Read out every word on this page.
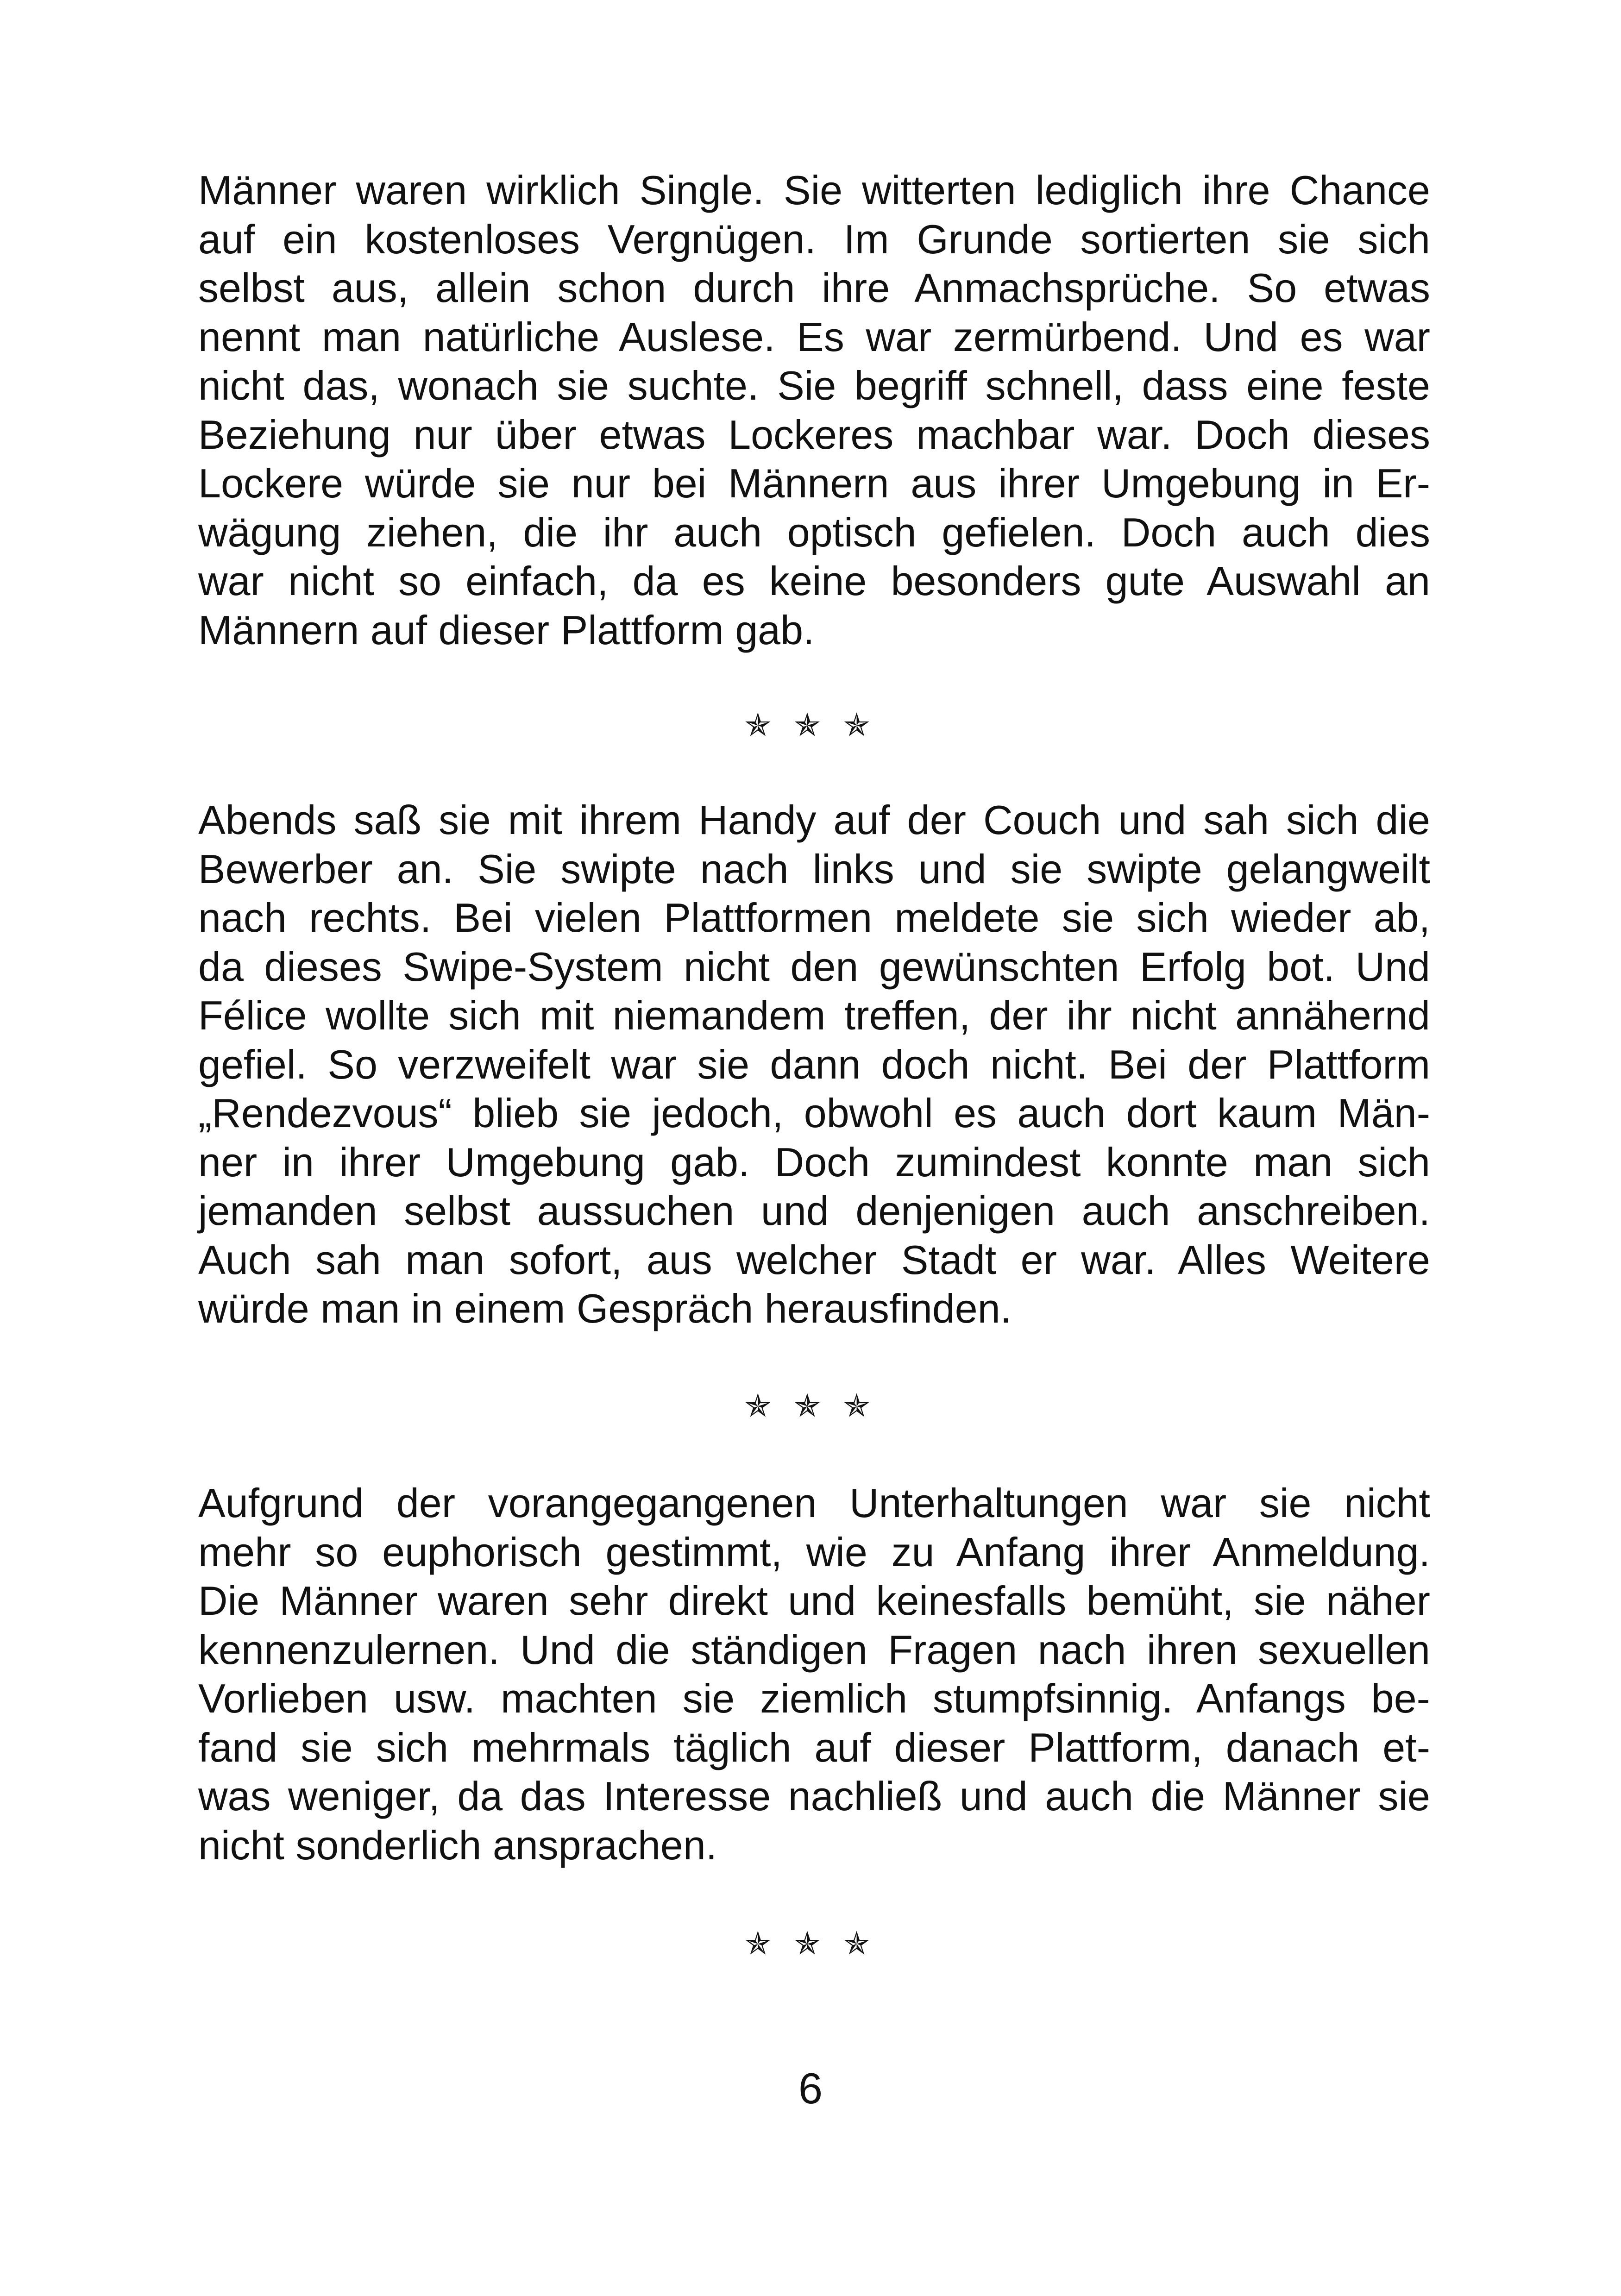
Männer waren wirklich Single. Sie witterten lediglich ihre Chance
auf ein kostenloses Vergnügen. Im Grunde sortierten sie sich
selbst aus, allein schon durch ihre Anmachsprüche. So etwas
nennt man natürliche Auslese. Es war zermürbend. Und es war
nicht das, wonach sie suchte. Sie begriff schnell, dass eine feste
Beziehung nur über etwas Lockeres machbar war. Doch dieses
Lockere würde sie nur bei Männern aus ihrer Umgebung in Er-
wägung ziehen, die ihr auch optisch gefielen. Doch auch dies
war nicht so einfach, da es keine besonders gute Auswahl an
Männern auf dieser Plattform gab.
✯ ✯ ✯
Abends saß sie mit ihrem Handy auf der Couch und sah sich die
Bewerber an. Sie swipte nach links und sie swipte gelangweilt
nach rechts. Bei vielen Plattformen meldete sie sich wieder ab,
da dieses Swipe-System nicht den gewünschten Erfolg bot. Und
Félice wollte sich mit niemandem treffen, der ihr nicht annähernd
gefiel. So verzweifelt war sie dann doch nicht. Bei der Plattform
„Rendezvous“ blieb sie jedoch, obwohl es auch dort kaum Män-
ner in ihrer Umgebung gab. Doch zumindest konnte man sich
jemanden selbst aussuchen und denjenigen auch anschreiben.
Auch sah man sofort, aus welcher Stadt er war. Alles Weitere
würde man in einem Gespräch herausfinden.
✯ ✯ ✯
Aufgrund der vorangegangenen Unterhaltungen war sie nicht
mehr so euphorisch gestimmt, wie zu Anfang ihrer Anmeldung.
Die Männer waren sehr direkt und keinesfalls bemüht, sie näher
kennenzulernen. Und die ständigen Fragen nach ihren sexuellen
Vorlieben usw. machten sie ziemlich stumpfsinnig. Anfangs be-
fand sie sich mehrmals täglich auf dieser Plattform, danach et-
was weniger, da das Interesse nachließ und auch die Männer sie
nicht sonderlich ansprachen.
✯ ✯ ✯
6
